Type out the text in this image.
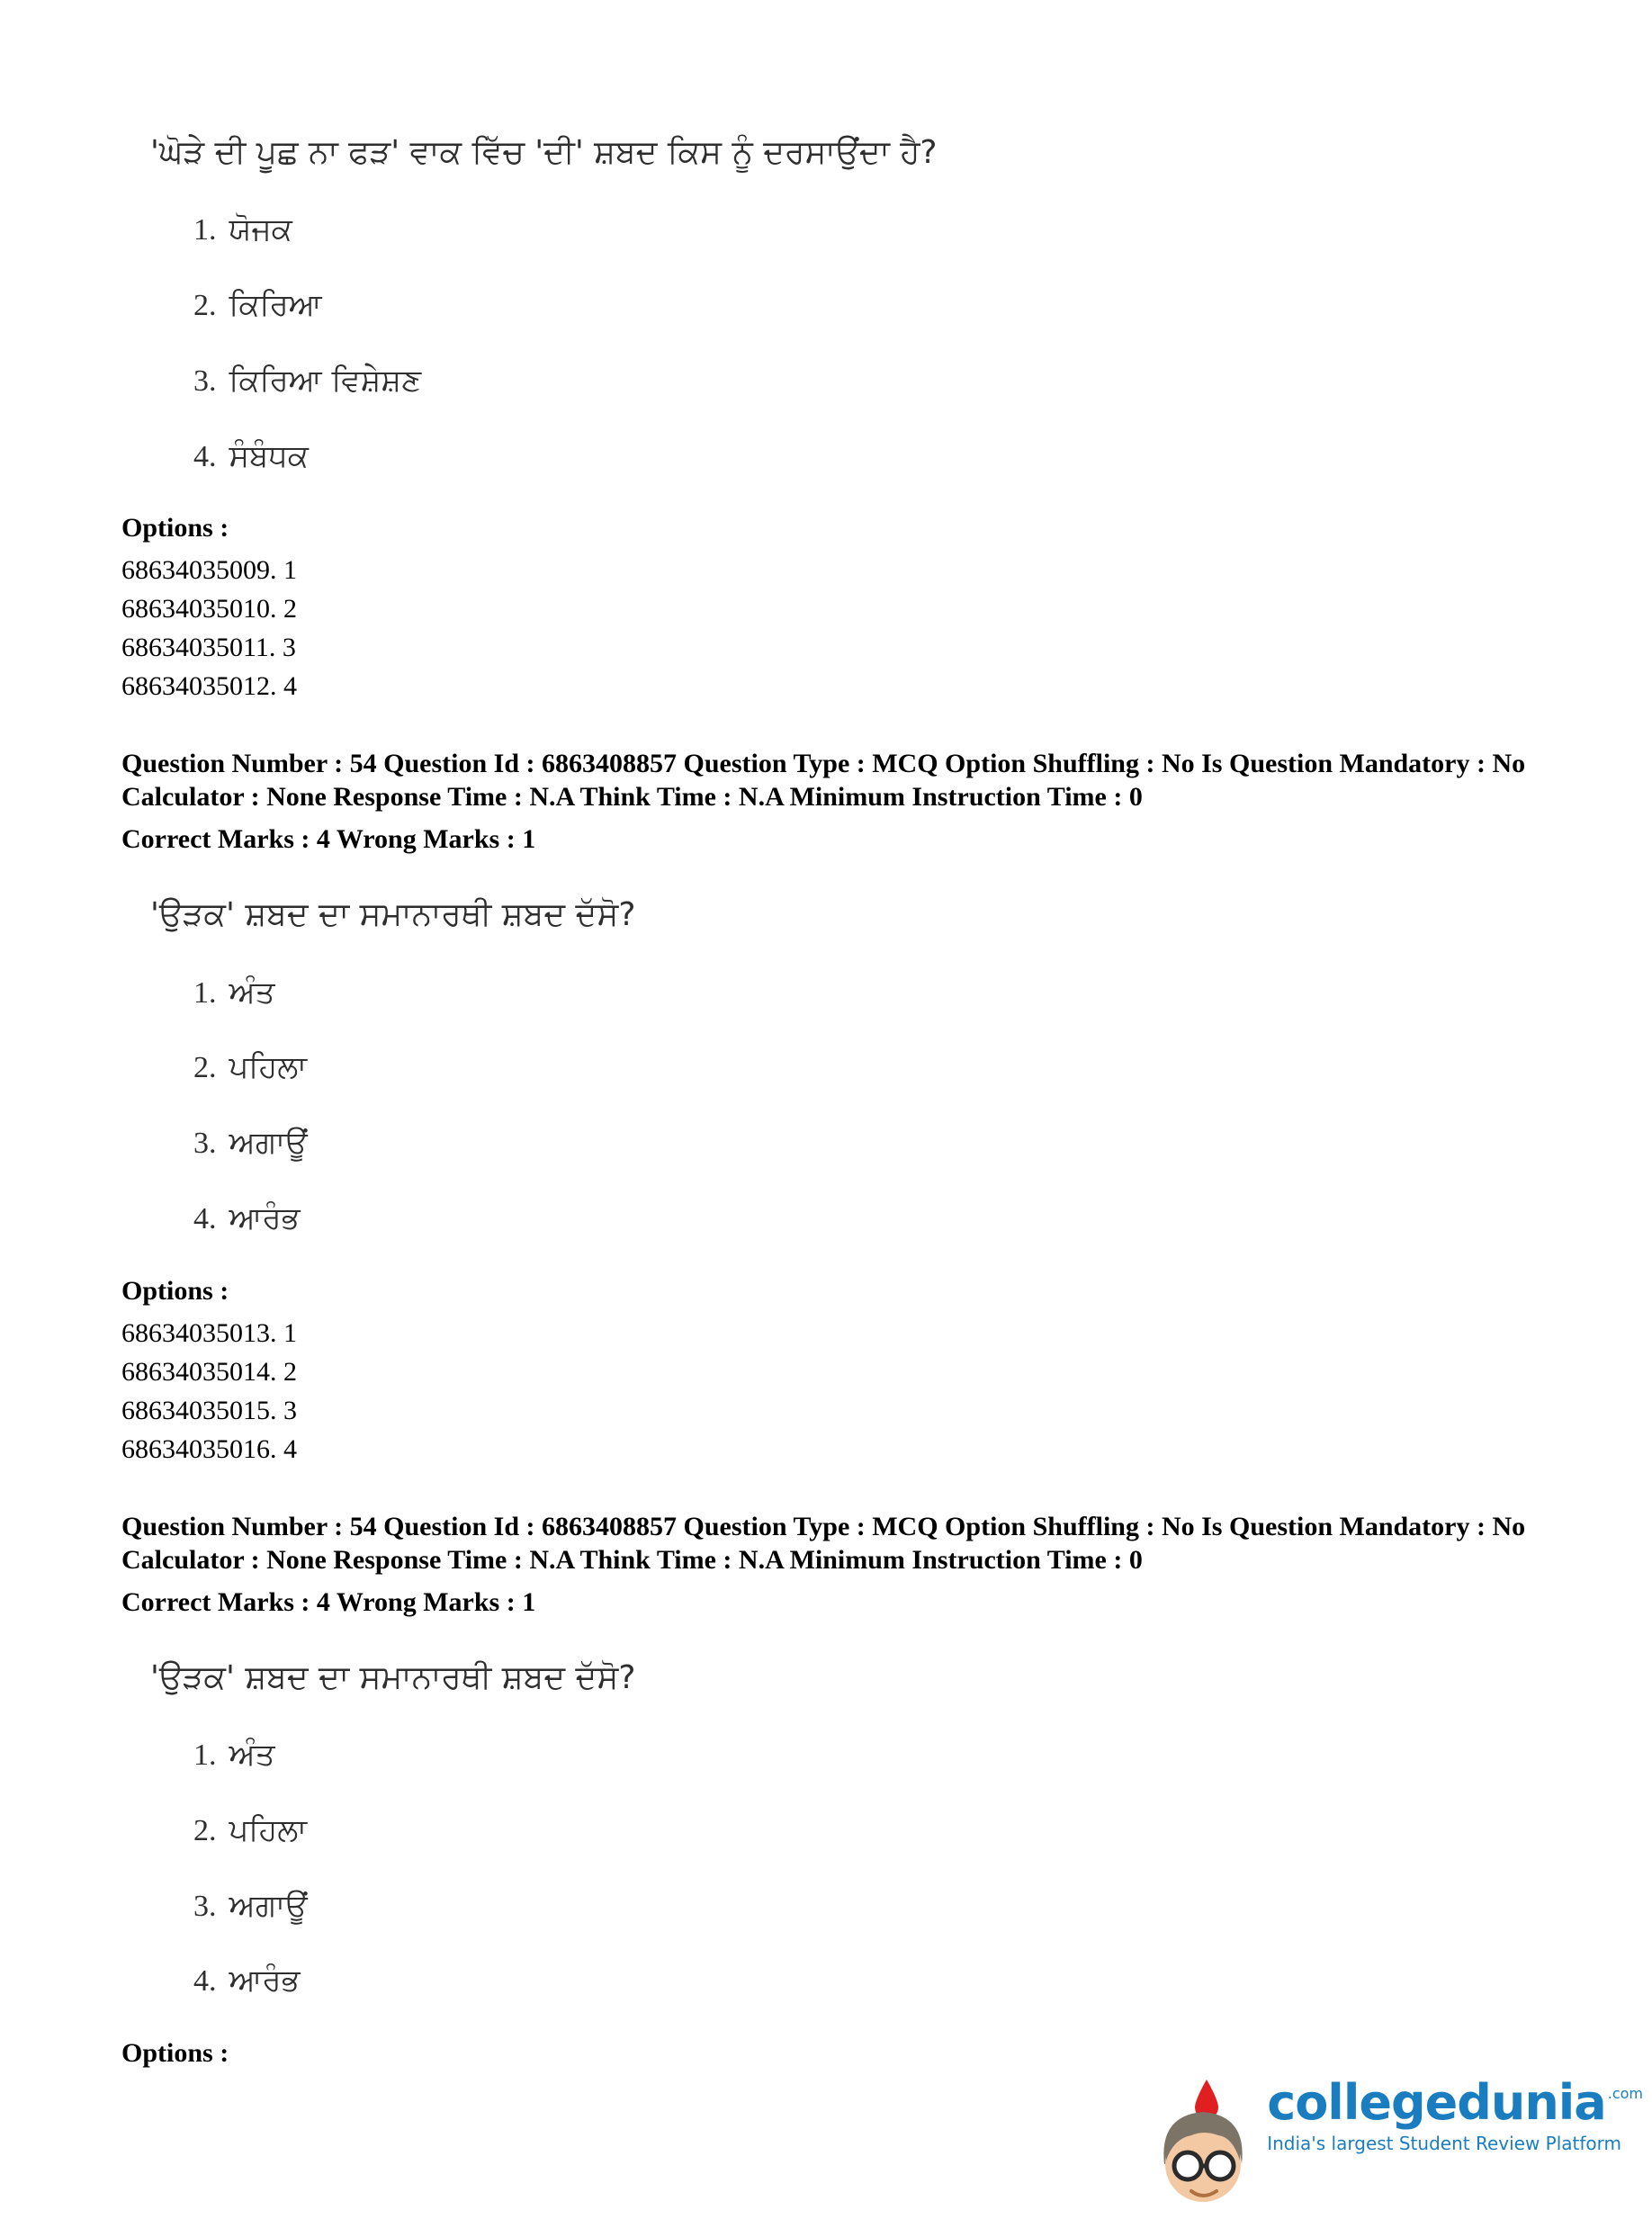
'ਘੋੜੇ ਦੀ ਪੂਛ ਨਾ ਫੜ' ਵਾਕ ਵਿੱਚ 'ਦੀ' ਸ਼ਬਦ ਕਿਸ ਨੂੰ ਦਰਸਾਉਂਦਾ ਹੈ?
1. ਯੋਜਕ
2. ਕਿਰਿਆ
3. ਕਿਰਿਆ ਵਿਸ਼ੇਸ਼ਣ
4. ਸੰਬੰਧਕ
Options :
68634035009. 1
68634035010. 2
68634035011. 3
68634035012. 4

Question Number : 54 Question Id : 6863408857 Question Type : MCQ Option Shuffling : No Is Question Mandatory : No Calculator : None Response Time : N.A Think Time : N.A Minimum Instruction Time : 0

Correct Marks : 4 Wrong Marks : 1

'ਉੜਕ' ਸ਼ਬਦ ਦਾ ਸਮਾਨਾਰਥੀ ਸ਼ਬਦ ਦੱਸੋ?
1. ਅੰਤ
2. ਪਹਿਲਾ
3. ਅਗਾਊਂ
4. ਆਰੰਭ
Options :
68634035013. 1
68634035014. 2
68634035015. 3
68634035016. 4

Question Number : 54 Question Id : 6863408857 Question Type : MCQ Option Shuffling : No Is Question Mandatory : No Calculator : None Response Time : N.A Think Time : N.A Minimum Instruction Time : 0

Correct Marks : 4 Wrong Marks : 1

'ਉੜਕ' ਸ਼ਬਦ ਦਾ ਸਮਾਨਾਰਥੀ ਸ਼ਬਦ ਦੱਸੋ?
1. ਅੰਤ
2. ਪਹਿਲਾ
3. ਅਗਾਊਂ
4. ਆਰੰਭ
Options :
collegedunia .com
India's largest Student Review Platform
